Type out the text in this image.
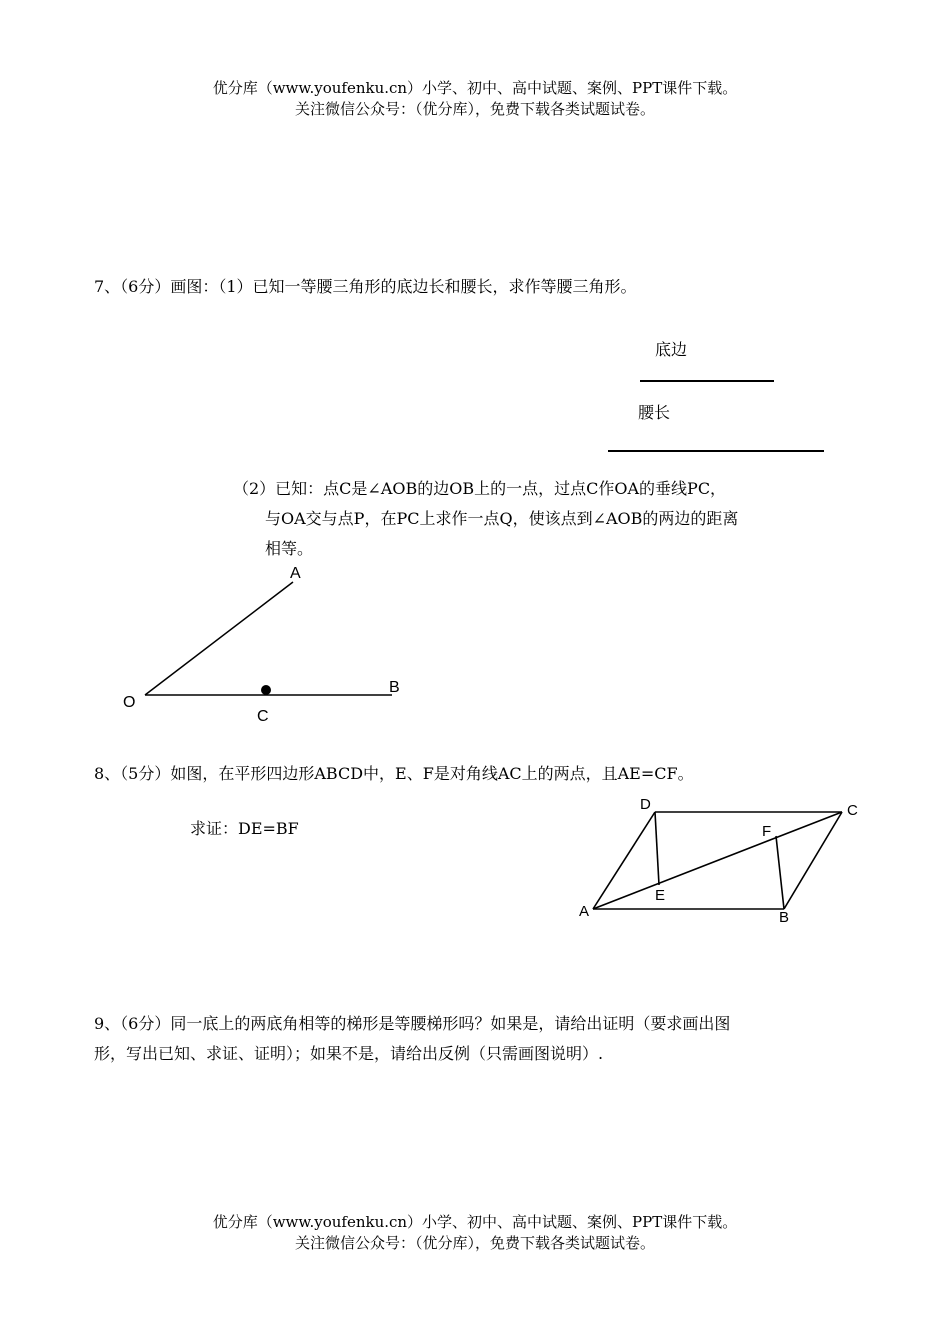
优分库（www.youfenku.cn）小学、初中、高中试题、案例、PPT课件下载。
关注微信公众号：（优分库），免费下载各类试题试卷。
7、（6分）画图：（1）已知一等腰三角形的底边长和腰长，求作等腰三角形。
底边
腰长
（2）已知：点C是∠AOB的边OB上的一点，过点C作OA的垂线PC，
与OA交与点P，在PC上求作一点Q，使该点到∠AOB的两边的距离
相等。
A
O
B
C
8、（5分）如图，在平形四边形ABCD中，E、F是对角线AC上的两点，且AE=CF。
求证：DE=BF
A	B
C
D
E
F
9、（6分）同一底上的两底角相等的梯形是等腰梯形吗？如果是，请给出证明（要求画出图
形，写出已知、求证、证明）；如果不是，请给出反例（只需画图说明）.
优分库（www.youfenku.cn）小学、初中、高中试题、案例、PPT课件下载。
关注微信公众号：（优分库），免费下载各类试题试卷。
